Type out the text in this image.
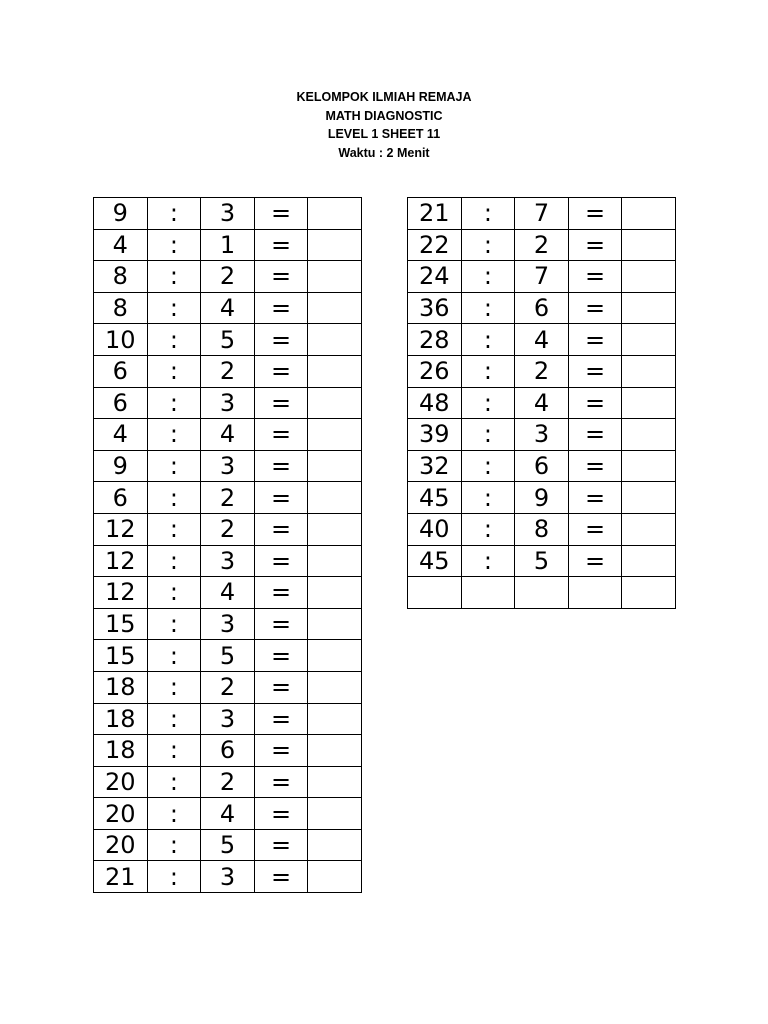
KELOMPOK ILMIAH REMAJA
MATH DIAGNOSTIC
LEVEL 1 SHEET 11
Waktu : 2 Menit
9	:	3	=	
4	:	1	=	
8	:	2	=	
8	:	4	=	
10	:	5	=	
6	:	2	=	
6	:	3	=	
4	:	4	=	
9	:	3	=	
6	:	2	=	
12	:	2	=	
12	:	3	=	
12	:	4	=	
15	:	3	=	
15	:	5	=	
18	:	2	=	
18	:	3	=	
18	:	6	=	
20	:	2	=	
20	:	4	=	
20	:	5	=	
21	:	3	=	
21	:	7	=	
22	:	2	=	
24	:	7	=	
36	:	6	=	
28	:	4	=	
26	:	2	=	
48	:	4	=	
39	:	3	=	
32	:	6	=	
45	:	9	=	
40	:	8	=	
45	:	5	=	
